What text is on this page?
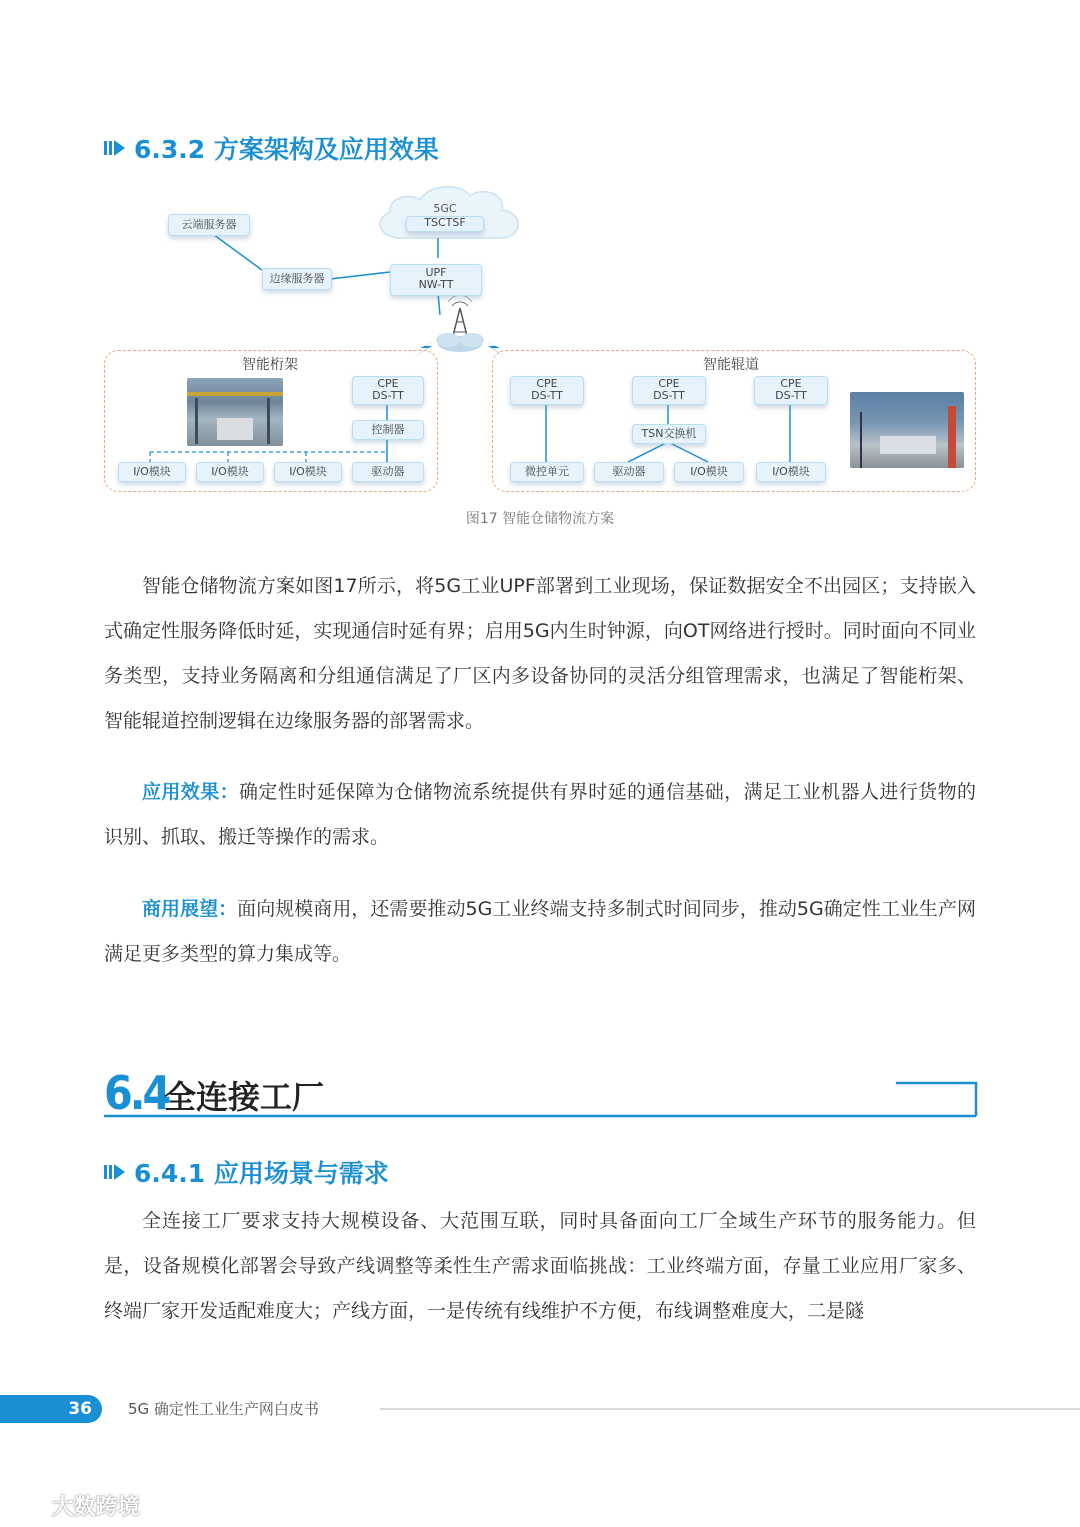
6.3.2 方案架构及应用效果
5GC
TSCTSF
云端服务器
边缘服务器	UPF
NW-TT
智能桁架	智能辊道
CPE
DS-TT
控制器
I/O模块	I/O模块	I/O模块	驱动器
CPE
DS-TT
CPE
DS-TT
CPE
DS-TT
TSN交换机
微控单元	驱动器	I/O模块	I/O模块
图17 智能仓储物流方案

智能仓储物流方案如图17所示，将5G工业UPF部署到工业现场，保证数据安全不出园区；支持嵌入式确定性服务降低时延，实现通信时延有界；启用5G内生时钟源，向OT网络进行授时。同时面向不同业务类型，支持业务隔离和分组通信满足了厂区内多设备协同的灵活分组管理需求，也满足了智能桁架、智能辊道控制逻辑在边缘服务器的部署需求。

应用效果：确定性时延保障为仓储物流系统提供有界时延的通信基础，满足工业机器人进行货物的识别、抓取、搬迁等操作的需求。

商用展望：面向规模商用，还需要推动5G工业终端支持多制式时间同步，推动5G确定性工业生产网满足更多类型的算力集成等。

6.4
全连接工厂
6.4.1 应用场景与需求

全连接工厂要求支持大规模设备、大范围互联，同时具备面向工厂全域生产环节的服务能力。但是，设备规模化部署会导致产线调整等柔性生产需求面临挑战：工业终端方面，存量工业应用厂家多、终端厂家开发适配难度大；产线方面，一是传统有线维护不方便，布线调整难度大，二是隧

36	5G 确定性工业生产网白皮书
大数跨境
